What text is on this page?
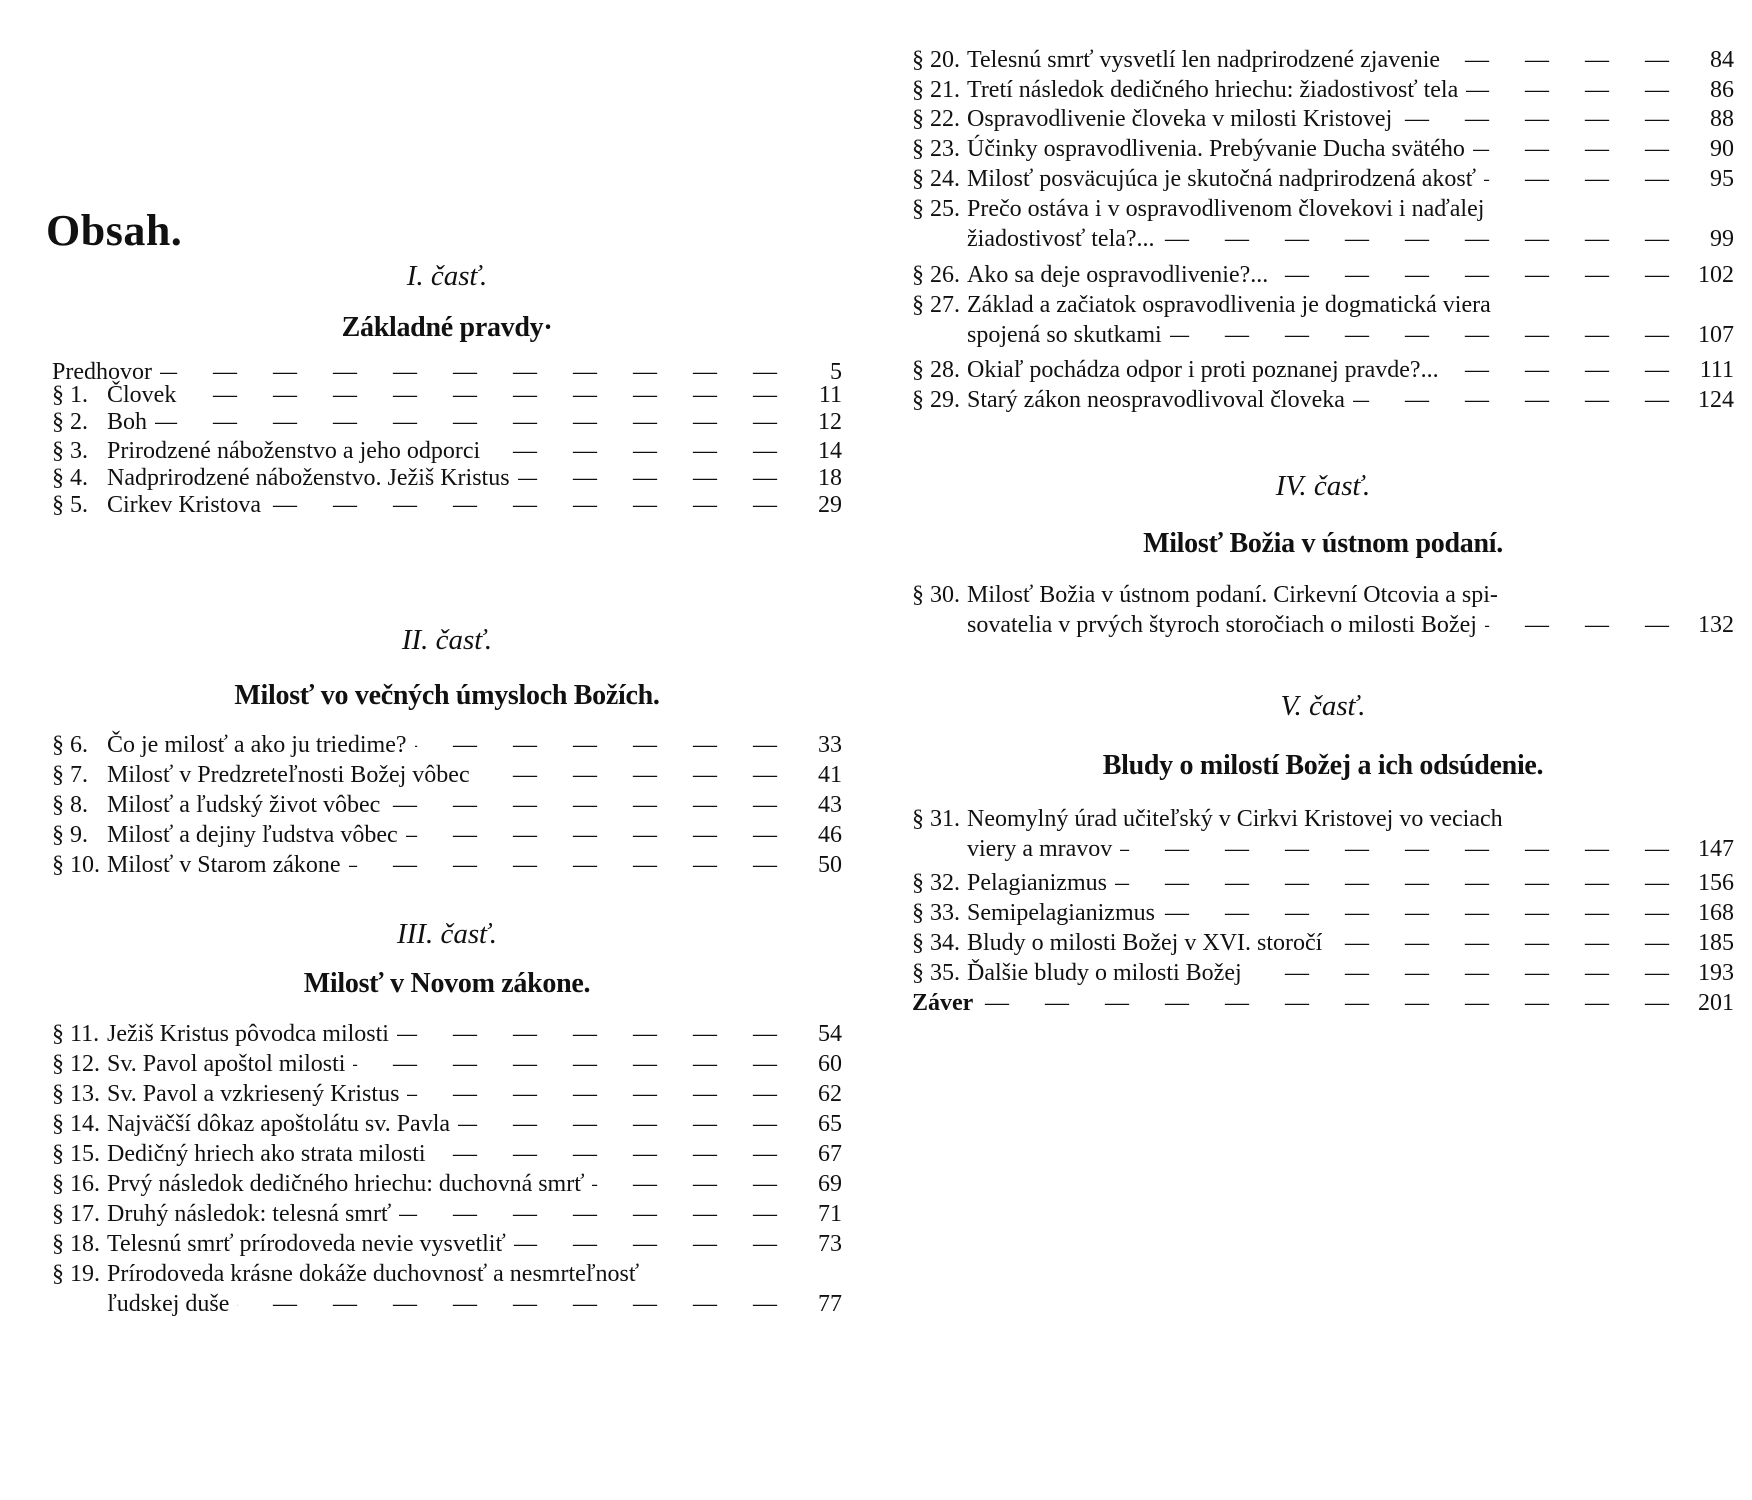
Obsah.
I. časť.
Základné pravdy·
Predhovor — — —	5
§ 1. Človek — — —	11
§ 2. Boh — — —	12
§ 3. Prirodzené náboženstvo a jeho odporci — — —	14
§ 4. Nadprirodzené náboženstvo. Ježiš Kristus — — —	18
§ 5. Cirkev Kristova — — —	29
II. časť.
Milosť vo večných úmysloch Božích.
§ 6. Čo je milosť a ako ju triedime? — — —	33
§ 7. Milosť v Predzreteľnosti Božej vôbec — — —	41
§ 8. Milosť a ľudský život vôbec — — —	43
§ 9. Milosť a dejiny ľudstva vôbec — — —	46
§ 10. Milosť v Starom zákone — — —	50
III. časť.
Milosť v Novom zákone.
§ 11. Ježiš Kristus pôvodca milosti — — —	54
§ 12. Sv. Pavol apoštol milosti — — —	60
§ 13. Sv. Pavol a vzkriesený Kristus — — —	62
§ 14. Najväčší dôkaz apoštolátu sv. Pavla — — —	65
§ 15. Dedičný hriech ako strata milosti — — —	67
§ 16. Prvý následok dedičného hriechu: duchovná smrť — — —	69
§ 17. Druhý následok: telesná smrť — — —	71
§ 18. Telesnú smrť prírodoveda nevie vysvetliť — — —	73
§ 19. Prírodoveda krásne dokáže duchovnosť a nesmrteľnosť
ľudskej duše — — —	77
§ 20. Telesnú smrť vysvetlí len nadprirodzené zjavenie — — —	84
§ 21. Tretí následok dedičného hriechu: žiadostivosť tela — — —	86
§ 22. Ospravodlivenie človeka v milosti Kristovej — — —	88
§ 23. Účinky ospravodlivenia. Prebývanie Ducha svätého — — —	90
§ 24. Milosť posväcujúca je skutočná nadprirodzená akosť — — —	95
§ 25. Prečo ostáva i v ospravodlivenom človekovi i naďalej
žiadostivosť tela?... — — —	99
§ 26. Ako sa deje ospravodlivenie?... — — —	102
§ 27. Základ a začiatok ospravodlivenia je dogmatická viera
spojená so skutkami — — —	107
§ 28. Okiaľ pochádza odpor i proti poznanej pravde?... — — —	111
§ 29. Starý zákon neospravodlivoval človeka — — —	124
IV. časť.
Milosť Božia v ústnom podaní.
§ 30. Milosť Božia v ústnom podaní. Cirkevní Otcovia a spi-
sovatelia v prvých štyroch storočiach o milosti Božej — — —	132
V. časť.
Bludy o milostí Božej a ich odsúdenie.
§ 31. Neomylný úrad učiteľský v Cirkvi Kristovej vo veciach
viery a mravov — — —	147
§ 32. Pelagianizmus — — —	156
§ 33. Semipelagianizmus — — —	168
§ 34. Bludy o milosti Božej v XVI. storočí — — —	185
§ 35. Ďalšie bludy o milosti Božej — — —	193
Záver — — —	201
